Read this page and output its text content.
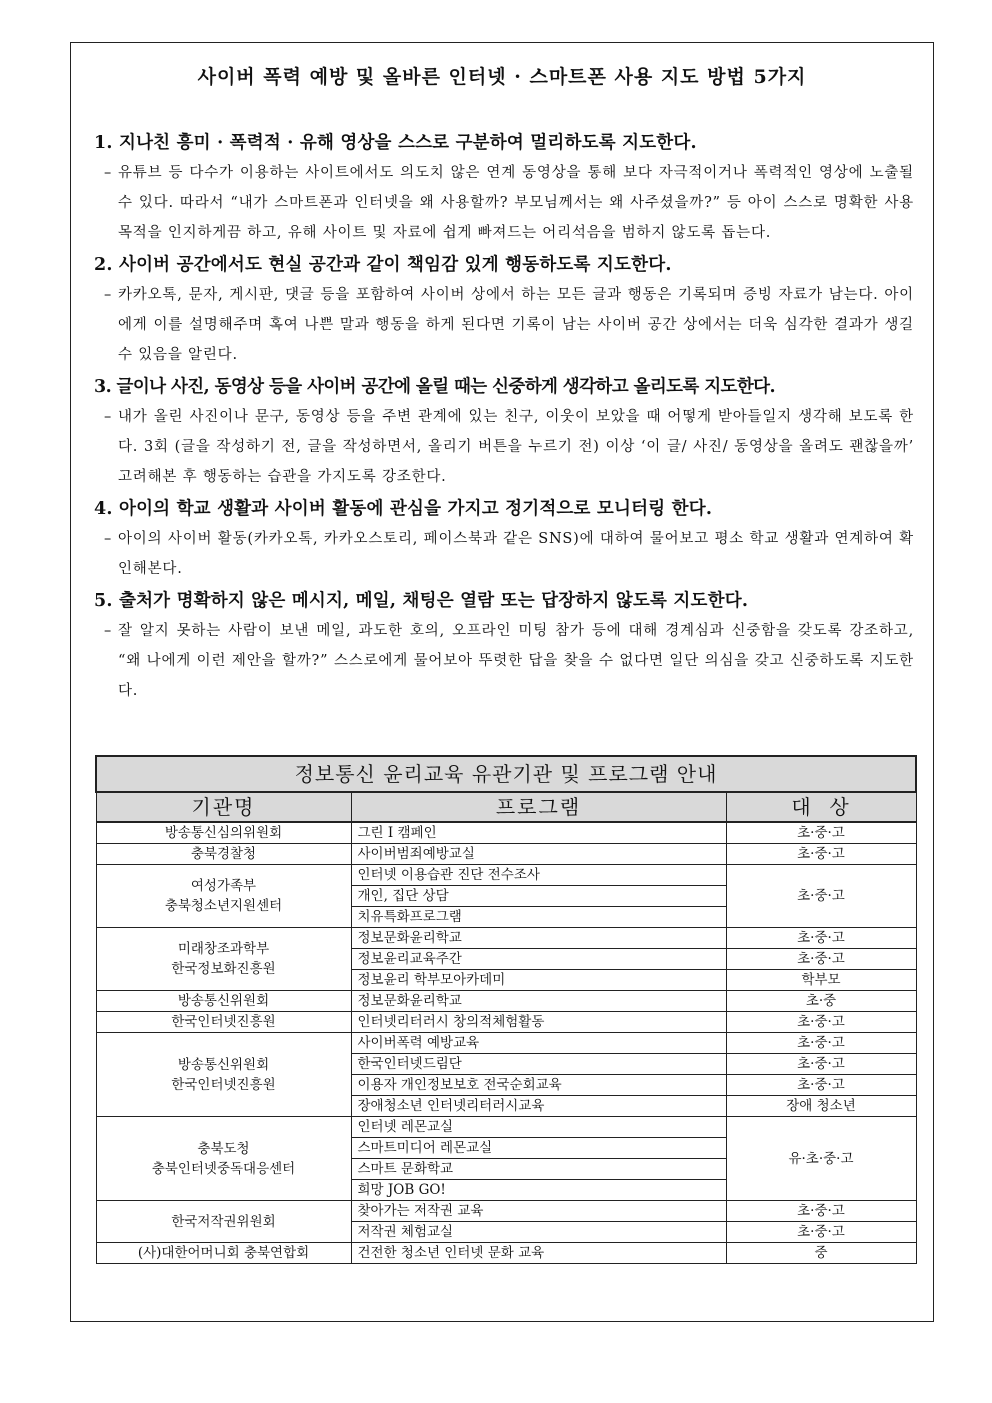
사이버 폭력 예방 및 올바른 인터넷 · 스마트폰 사용 지도 방법 5가지

1. 지나친 흥미 · 폭력적 · 유해 영상을 스스로 구분하여 멀리하도록 지도한다.

– 유튜브 등 다수가 이용하는 사이트에서도 의도치 않은 연계 동영상을 통해 보다 자극적이거나 폭력적인 영상에 노출될 수 있다. 따라서 “내가 스마트폰과 인터넷을 왜 사용할까? 부모님께서는 왜 사주셨을까?” 등 아이 스스로 명확한 사용 목적을 인지하게끔 하고, 유해 사이트 및 자료에 쉽게 빠져드는 어리석음을 범하지 않도록 돕는다.

2. 사이버 공간에서도 현실 공간과 같이 책임감 있게 행동하도록 지도한다.

– 카카오톡, 문자, 게시판, 댓글 등을 포함하여 사이버 상에서 하는 모든 글과 행동은 기록되며 증빙 자료가 남는다. 아이에게 이를 설명해주며 혹여 나쁜 말과 행동을 하게 된다면 기록이 남는 사이버 공간 상에서는 더욱 심각한 결과가 생길 수 있음을 알린다.

3. 글이나 사진, 동영상 등을 사이버 공간에 올릴 때는 신중하게 생각하고 올리도록 지도한다.

– 내가 올린 사진이나 문구, 동영상 등을 주변 관계에 있는 친구, 이웃이 보았을 때 어떻게 받아들일지 생각해 보도록 한다. 3회 (글을 작성하기 전, 글을 작성하면서, 올리기 버튼을 누르기 전) 이상 ‘이 글/ 사진/ 동영상을 올려도 괜찮을까’ 고려해본 후 행동하는 습관을 가지도록 강조한다.

4. 아이의 학교 생활과 사이버 활동에 관심을 가지고 정기적으로 모니터링 한다.

– 아이의 사이버 활동(카카오톡, 카카오스토리, 페이스북과 같은 SNS)에 대하여 물어보고 평소 학교 생활과 연계하여 확인해본다.

5. 출처가 명확하지 않은 메시지, 메일, 채팅은 열람 또는 답장하지 않도록 지도한다.

– 잘 알지 못하는 사람이 보낸 메일, 과도한 호의, 오프라인 미팅 참가 등에 대해 경계심과 신중함을 갖도록 강조하고, “왜 나에게 이런 제안을 할까?” 스스로에게 물어보아 뚜렷한 답을 찾을 수 없다면 일단 의심을 갖고 신중하도록 지도한다.

정보통신 윤리교육 유관기관 및 프로그램 안내		
기관명	프로그램	대  상

방송통신심의위원회	그린 I 캠페인	초·중·고

충북경찰청	사이버범죄예방교실	초·중·고

여성가족부
충북청소년지원센터	인터넷 이용습관 진단 전수조사	초·중·고
	개인, 집단 상담	
	치유특화프로그램	

미래창조과학부
한국정보화진흥원	정보문화윤리학교	초·중·고
	정보윤리교육주간	초·중·고
	정보윤리 학부모아카데미	학부모
방송통신위원회	정보문화윤리학교	초·중
한국인터넷진흥원	인터넷리터러시 창의적체험활동	초·중·고

방송통신위원회
한국인터넷진흥원	사이버폭력 예방교육	초·중·고
	한국인터넷드림단	초·중·고
	이용자 개인정보보호 전국순회교육	초·중·고
	장애청소년 인터넷리터러시교육	장애 청소년

충북도청
충북인터넷중독대응센터	인터넷 레몬교실	유·초·중·고
	스마트미디어 레몬교실	
	스마트 문화학교	
	희망 JOB GO!	

한국저작권위원회	찾아가는 저작권 교육	초·중·고
	저작권 체험교실	초·중·고

(사)대한어머니회 충북연합회	건전한 청소년 인터넷 문화 교육	중
